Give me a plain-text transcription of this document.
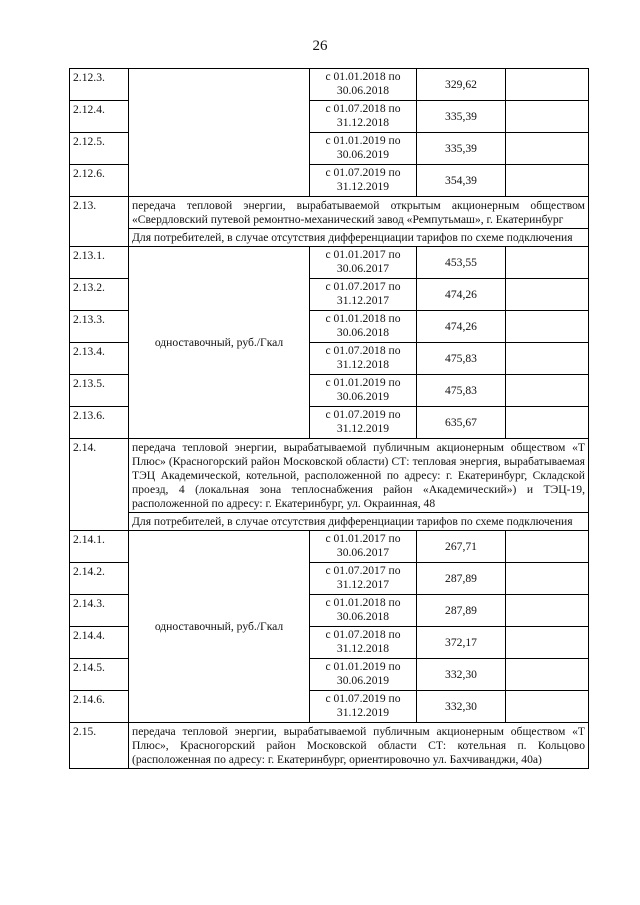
26
2.12.3.		с 01.01.2018 по
30.06.2018	329,62	
2.12.4.		с 01.07.2018 по
31.12.2018	335,39	
2.12.5.		с 01.01.2019 по
30.06.2019	335,39	
2.12.6.		с 01.07.2019 по
31.12.2019	354,39	
2.13.	передача тепловой энергии, вырабатываемой открытым акционерным обществом «Свердловский путевой ремонтно-механический завод «Ремпутьмаш», г. Екатеринбург			
	Для потребителей, в случае отсутствия дифференциации тарифов по схеме подключения			
2.13.1.	одноставочный, руб./Гкал	с 01.01.2017 по
30.06.2017	453,55	
2.13.2.		с 01.07.2017 по
31.12.2017	474,26	
2.13.3.		с 01.01.2018 по
30.06.2018	474,26	
2.13.4.		с 01.07.2018 по
31.12.2018	475,83	
2.13.5.		с 01.01.2019 по
30.06.2019	475,83	
2.13.6.		с 01.07.2019 по
31.12.2019	635,67	
2.14.	передача тепловой энергии, вырабатываемой публичным акционерным обществом «Т Плюс» (Красногорский район Московской области) СТ: тепловая энергия, вырабатываемая ТЭЦ Академической, котельной, расположенной по адресу: г. Екатеринбург, Складской проезд, 4 (локальная зона теплоснабжения район «Академический») и ТЭЦ-19, расположенной по адресу: г. Екатеринбург, ул. Окраинная, 48			
	Для потребителей, в случае отсутствия дифференциации тарифов по схеме подключения			
2.14.1.	одноставочный, руб./Гкал	с 01.01.2017 по
30.06.2017	267,71	
2.14.2.		с 01.07.2017 по
31.12.2017	287,89	
2.14.3.		с 01.01.2018 по
30.06.2018	287,89	
2.14.4.		с 01.07.2018 по
31.12.2018	372,17	
2.14.5.		с 01.01.2019 по
30.06.2019	332,30	
2.14.6.		с 01.07.2019 по
31.12.2019	332,30	
2.15.	передача тепловой энергии, вырабатываемой публичным акционерным обществом «Т Плюс», Красногорский район Московской области СТ: котельная п. Кольцово (расположенная по адресу: г. Екатеринбург, ориентировочно ул. Бахчиванджи, 40а)			
